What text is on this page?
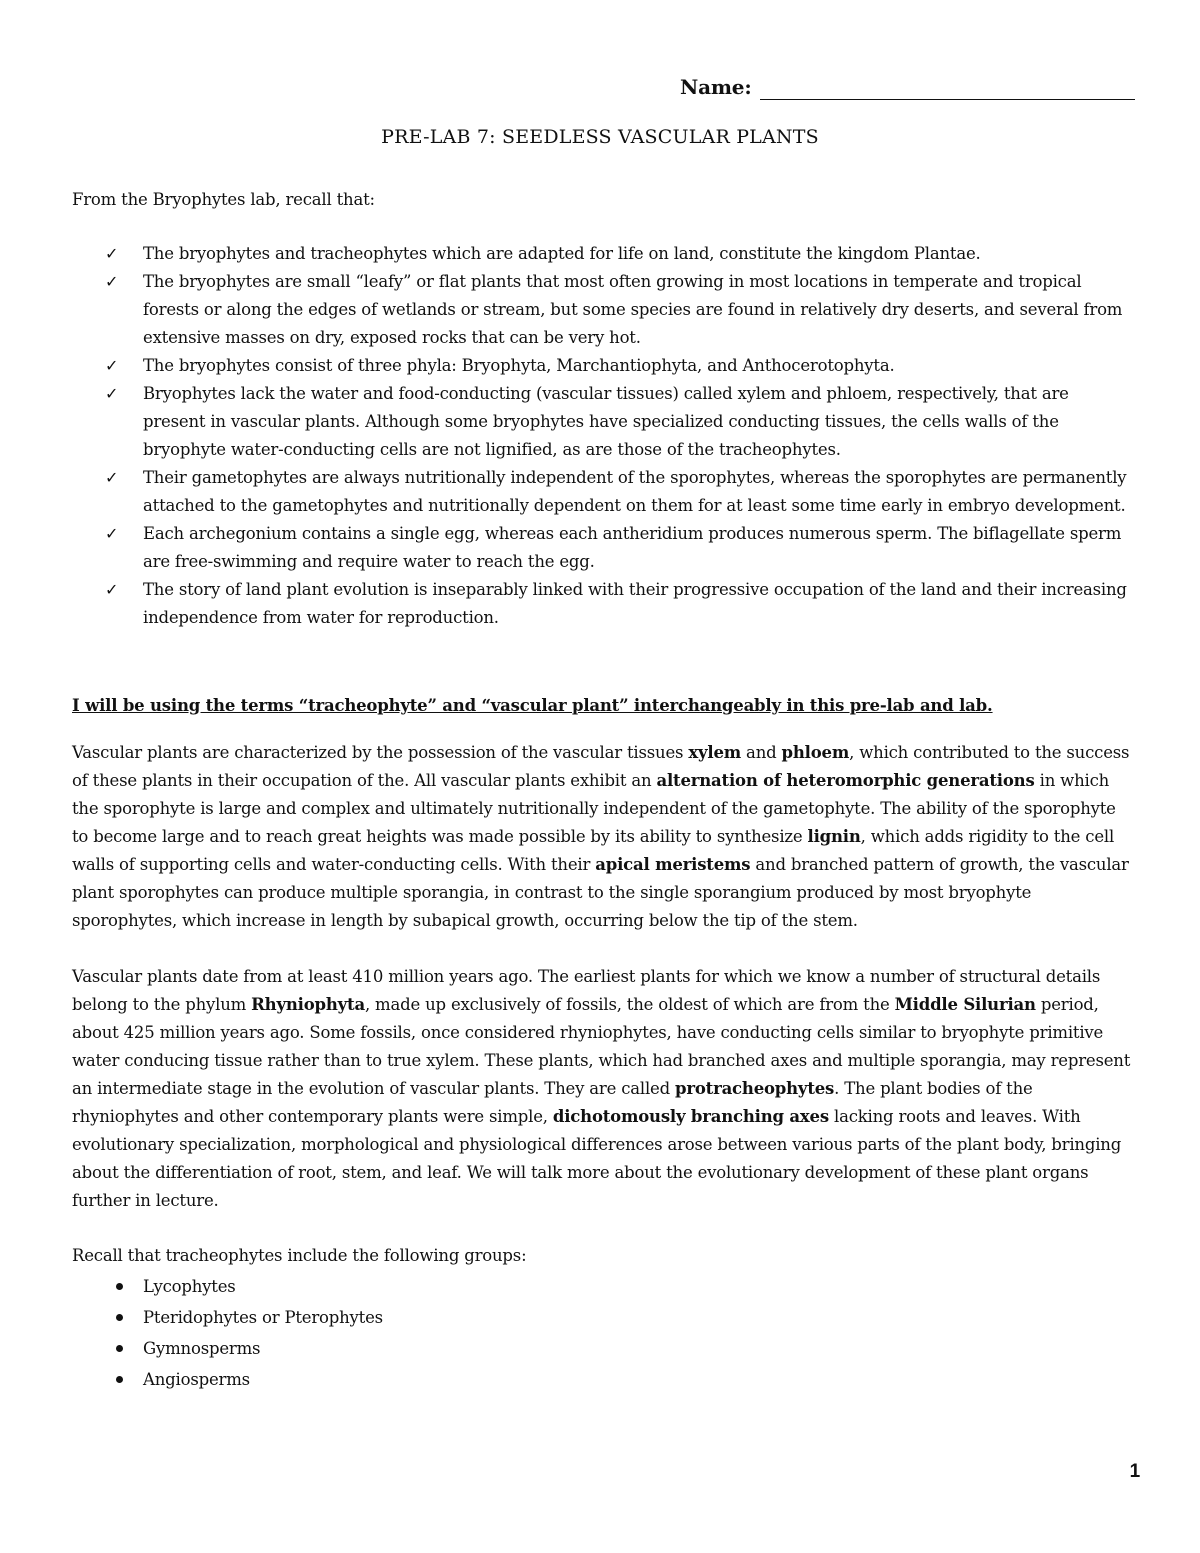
Name:
PRE-LAB 7: SEEDLESS VASCULAR PLANTS
From the Bryophytes lab, recall that:
✓ The bryophytes and tracheophytes which are adapted for life on land, constitute the kingdom Plantae.
✓ The bryophytes are small “leafy” or flat plants that most often growing in most locations in temperate and tropical forests or along the edges of wetlands or stream, but some species are found in relatively dry deserts, and several from extensive masses on dry, exposed rocks that can be very hot.
✓ The bryophytes consist of three phyla: Bryophyta, Marchantiophyta, and Anthocerotophyta.
✓ Bryophytes lack the water and food-conducting (vascular tissues) called xylem and phloem, respectively, that are present in vascular plants. Although some bryophytes have specialized conducting tissues, the cells walls of the bryophyte water-conducting cells are not lignified, as are those of the tracheophytes.
✓ Their gametophytes are always nutritionally independent of the sporophytes, whereas the sporophytes are permanently attached to the gametophytes and nutritionally dependent on them for at least some time early in embryo development.
✓ Each archegonium contains a single egg, whereas each antheridium produces numerous sperm. The biflagellate sperm are free-swimming and require water to reach the egg.
✓ The story of land plant evolution is inseparably linked with their progressive occupation of the land and their increasing independence from water for reproduction.
I will be using the terms “tracheophyte” and “vascular plant” interchangeably in this pre-lab and lab.
Vascular plants are characterized by the possession of the vascular tissues xylem and phloem, which contributed to the success of these plants in their occupation of the. All vascular plants exhibit an alternation of heteromorphic generations in which the sporophyte is large and complex and ultimately nutritionally independent of the gametophyte. The ability of the sporophyte to become large and to reach great heights was made possible by its ability to synthesize lignin, which adds rigidity to the cell walls of supporting cells and water-conducting cells. With their apical meristems and branched pattern of growth, the vascular plant sporophytes can produce multiple sporangia, in contrast to the single sporangium produced by most bryophyte sporophytes, which increase in length by subapical growth, occurring below the tip of the stem.
Vascular plants date from at least 410 million years ago. The earliest plants for which we know a number of structural details belong to the phylum Rhyniophyta, made up exclusively of fossils, the oldest of which are from the Middle Silurian period, about 425 million years ago. Some fossils, once considered rhyniophytes, have conducting cells similar to bryophyte primitive water conducing tissue rather than to true xylem. These plants, which had branched axes and multiple sporangia, may represent an intermediate stage in the evolution of vascular plants. They are called protracheophytes. The plant bodies of the rhyniophytes and other contemporary plants were simple, dichotomously branching axes lacking roots and leaves. With evolutionary specialization, morphological and physiological differences arose between various parts of the plant body, bringing about the differentiation of root, stem, and leaf. We will talk more about the evolutionary development of these plant organs further in lecture.
Recall that tracheophytes include the following groups:
Lycophytes
Pteridophytes or Pterophytes
Gymnosperms
Angiosperms
1
